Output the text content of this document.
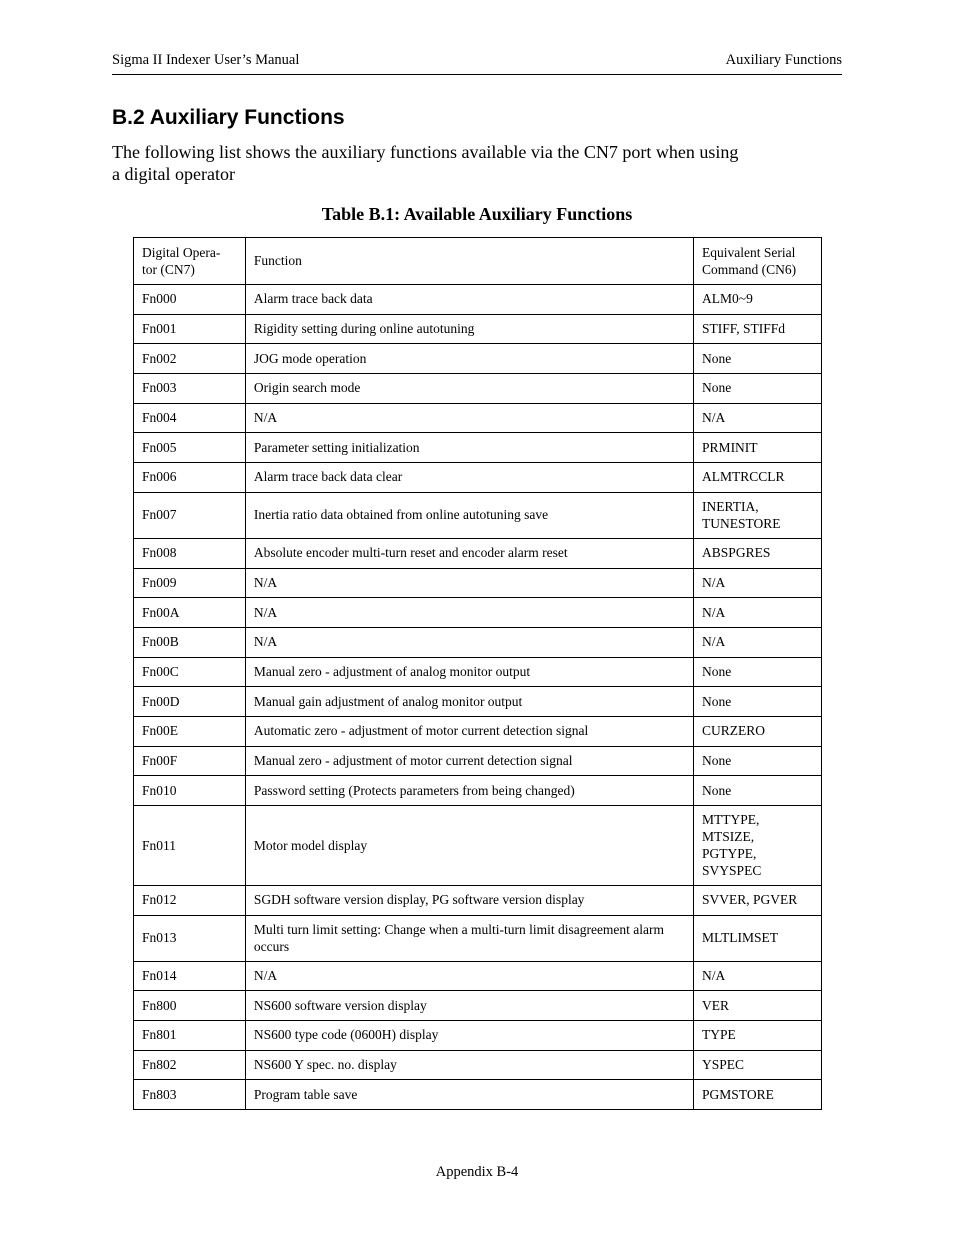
Sigma II Indexer User’s Manual	Auxiliary Functions
B.2 Auxiliary Functions

The following list shows the auxiliary functions available via the CN7 port when using
a digital operator

Table B.1: Available Auxiliary Functions
Digital Opera-
tor (CN7)	Function	Equivalent Serial
Command (CN6)
Fn000	Alarm trace back data	ALM0~9
Fn001	Rigidity setting during online autotuning	STIFF, STIFFd
Fn002	JOG mode operation	None
Fn003	Origin search mode	None
Fn004	N/A	N/A
Fn005	Parameter setting initialization	PRMINIT
Fn006	Alarm trace back data clear	ALMTRCCLR
Fn007	Inertia ratio data obtained from online autotuning save	INERTIA,
TUNESTORE
Fn008	Absolute encoder multi-turn reset and encoder alarm reset	ABSPGRES
Fn009	N/A	N/A
Fn00A	N/A	N/A
Fn00B	N/A	N/A
Fn00C	Manual zero - adjustment of analog monitor output	None
Fn00D	Manual gain adjustment of analog monitor output	None
Fn00E	Automatic zero - adjustment of motor current detection signal	CURZERO
Fn00F	Manual zero - adjustment of motor current detection signal	None
Fn010	Password setting (Protects parameters from being changed)	None
Fn011	Motor model display	MTTYPE,
MTSIZE,
PGTYPE,
SVYSPEC
Fn012	SGDH software version display, PG software version display	SVVER, PGVER
Fn013	Multi turn limit setting: Change when a multi-turn limit disagreement alarm occurs	MLTLIMSET
Fn014	N/A	N/A
Fn800	NS600 software version display	VER
Fn801	NS600 type code (0600H) display	TYPE
Fn802	NS600 Y spec. no. display	YSPEC
Fn803	Program table save	PGMSTORE
Appendix B-4
